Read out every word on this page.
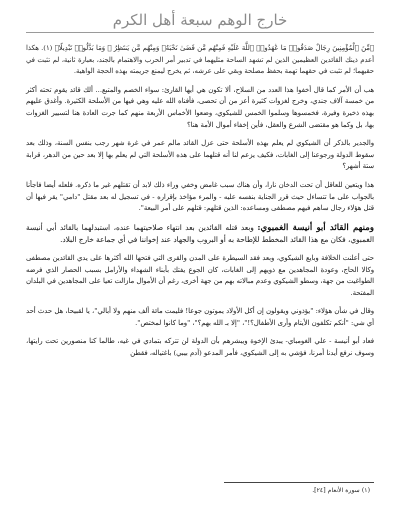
خارج الوهم سبعة أهل الكرم

﴿مِّنَ ٱلْمُؤْمِنِينَ رِجَالٌ صَدَقُوا۟ مَا عَٰهَدُوا۟ ٱللَّهَ عَلَيْهِ فَمِنْهُم مَّن قَضَىٰ نَحْبَهُۥ وَمِنْهُم مَّن يَنتَظِرُ ۖ وَمَا بَدَّلُوا۟ تَبْدِيلًا﴾ (١). هكذا أعدم ذينك القائدين العظيمين الذين لم تشهد الساحة مثليهما في تدبير أمر الحرب والاهتمام بالجند، بعبارة ثانية، لم تثبت في حقيهما؛ لم تثبت في حقهما تهمة بحفظ مصلحة وبقي على عرشه، ثم يخرج ليمنع جريمته بهذه الحجة الواهية.

هب أن الأمر كما قال أخفوا هذا العدد من السلاح، ألا تكون هي أيها القارئ: سواء الخصم والمتبع... ألك قائد يقوم تحته أكثر من خمسة آلاف جندي، وخرج لغزوات كثيرة أعز من أن تحصى، فأفناه الله عليه وهي فيها من الأسلحة الكثيرة. وأغدق عليهم بهذه ذخيرة وفيرة، فخمسوها وسلموا الخمس للشيكوي، وضعوا الأخماس الأربعة منهم كما جرت العادة هنا لتسيير الغزوات بها، بل وكما هو مقتضى الشرع والعقل، فأين إخفاء أموال الأمة هنا؟

والجدير بالذكر أن الشيكوي لم يعلم بهذه الأسلحة حتى عزل القائد مالم عمر في غرة شهر رجب بنفس السنة، وذلك بعد سقوط الدولة ورجوعنا إلى الغابات، فكيف يزعم لنا أنه قتلهما على هذه الأسلحة التي لم يعلم بها إلا بعد حين من الدهر، قرابة ستة أشهر؟

هذا ويتعين للعاقل أن تحت الدخان نارا، وأن هناك سبب غامض وخفي وراء ذلك لابد أن تقتلهم غير ما ذكره. فلعله أيضا فاجأنا بالجواب على ما تتساءل حيث قرر الجناية بنفسه عليه - والمرء مؤاخذ بإقراره - في تسجيل له بعد مقتل "دامي" يقر فيها أن قتل هؤلاء رجال ساهم فيهم مصطفى ومساعده: الذين قتلهم: قتلهم على أمر البيعة".

ومنهم القائد أبو أنيسة الغمبوي: وبعد قتله القائدين بعد انتهاء صلاحيتهما عنده، استبدلهما بالقائد أبي أنيسة الغمبوي، فكان مع هذا القائد المخطط للإطاحة به أو البروب والجهاد عند إخواننا في أي جماعة خارج البلاد.

حتى أعلنت الخلافة وبايع الشيكوي، وبعد فقد السيطرة على المدن والقرى التي فتحها الله أكثرها على يدي القائدين مصطفى وكالا الحاج، وعودة المجاهدين مع ذويهم إلى الغابات، كان الجوع يفتك بأبناء الشهداء والأرامل بسبب الحصار الذي فرضه الطواغيت من جهة، وسطو الشيكوي وعدم مبالاته بهم من جهة أخرى، رغم أن الأموال مازالت تعيا على المجاهدين في البلدان المفتحة.

وقال في شأن هؤلاء: "يؤذوني ويقولون إن أكل الأولاد يموتون جوعا! فليمت مائة ألف منهم ولا أبالي"، يا لقبيحا، هل حدث أحد أي شي: "أنكم تكلفون الأيتام وأرى الأطفال؟!"، "إلا بـ الله بهم؟"، "وما كانوا لمختص".

فعاد أبو أنيسة - علي الغومباي- يبدئ الإخوة ويبشرهم بأن الدولة لن تتركه بتمادي في غيه، طالما كنا منصورين تحت رايتها، وسوف نرفع أيدنا أمرنا، فؤشي به إلى الشيكوي، فأمر المدعو (آدم بيبي) باغتياله، فقطن

(١) سورة الأنعام [٢٤].
